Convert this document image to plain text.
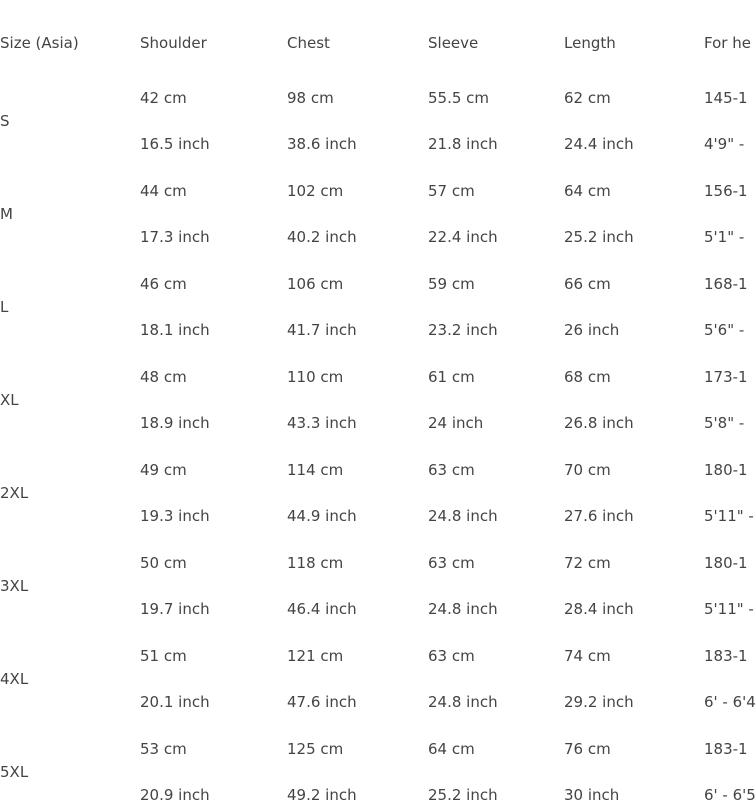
Size (Asia)	Shoulder	Chest	Sleeve	Length	For he
S
42 cm	98 cm	55.5 cm	62 cm	145-1
16.5 inch	38.6 inch	21.8 inch	24.4 inch	4'9" -
M
44 cm	102 cm	57 cm	64 cm	156-1
17.3 inch	40.2 inch	22.4 inch	25.2 inch	5'1" -
L
46 cm	106 cm	59 cm	66 cm	168-1
18.1 inch	41.7 inch	23.2 inch	26 inch	5'6" -
XL
48 cm	110 cm	61 cm	68 cm	173-1
18.9 inch	43.3 inch	24 inch	26.8 inch	5'8" -
2XL
49 cm	114 cm	63 cm	70 cm	180-1
19.3 inch	44.9 inch	24.8 inch	27.6 inch	5'11" -
3XL
50 cm	118 cm	63 cm	72 cm	180-1
19.7 inch	46.4 inch	24.8 inch	28.4 inch	5'11" -
4XL
51 cm	121 cm	63 cm	74 cm	183-1
20.1 inch	47.6 inch	24.8 inch	29.2 inch	6' - 6'4
5XL
53 cm	125 cm	64 cm	76 cm	183-1
20.9 inch	49.2 inch	25.2 inch	30 inch	6' - 6'5
